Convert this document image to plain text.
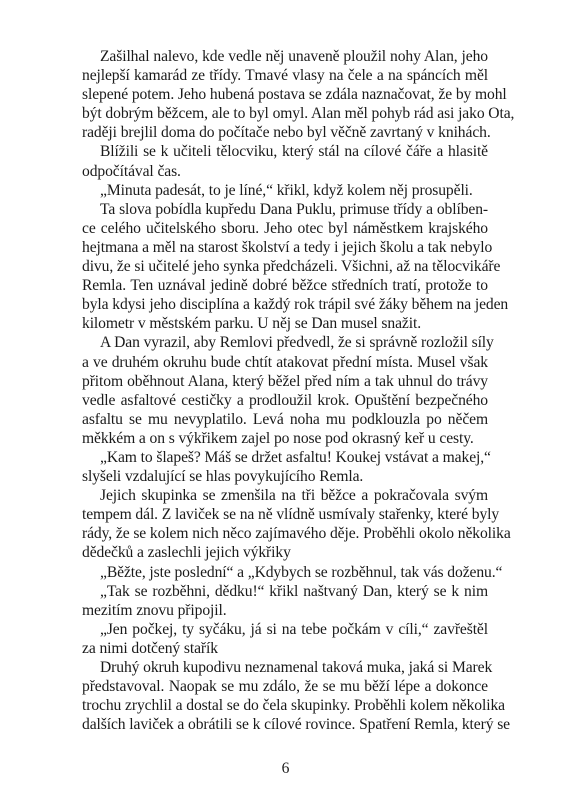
Zašilhal nalevo, kde vedle něj unaveně ploužil nohy Alan, jeho
nejlepší kamarád ze třídy. Tmavé vlasy na čele a na spáncích měl
slepené potem. Jeho hubená postava se zdála naznačovat, že by mohl
být dobrým běžcem, ale to byl omyl. Alan měl pohyb rád asi jako Ota,
raději brejlil doma do počítače nebo byl věčně zavrtaný v knihách.
Blížili se k učiteli tělocviku, který stál na cílové čáře a hlasitě
odpočítával čas.
„Minuta padesát, to je líné,“ křikl, když kolem něj prosupěli.
Ta slova pobídla kupředu Dana Puklu, primuse třídy a oblíben-
ce celého učitelského sboru. Jeho otec byl náměstkem krajského
hejtmana a měl na starost školství a tedy i jejich školu a tak nebylo
divu, že si učitelé jeho synka předcházeli. Všichni, až na tělocvikáře
Remla. Ten uznával jedině dobré běžce středních tratí, protože to
byla kdysi jeho disciplína a každý rok trápil své žáky během na jeden
kilometr v městském parku. U něj se Dan musel snažit.
A Dan vyrazil, aby Remlovi předvedl, že si správně rozložil síly
a ve druhém okruhu bude chtít atakovat přední místa. Musel však
přitom oběhnout Alana, který běžel před ním a tak uhnul do trávy
vedle asfaltové cestičky a prodloužil krok. Opuštění bezpečného
asfaltu se mu nevyplatilo. Levá noha mu podklouzla po něčem
měkkém a on s výkřikem zajel po nose pod okrasný keř u cesty.
„Kam to šlapeš? Máš se držet asfaltu! Koukej vstávat a makej,“
slyšeli vzdalující se hlas povykujícího Remla.
Jejich skupinka se zmenšila na tři běžce a pokračovala svým
tempem dál. Z laviček se na ně vlídně usmívaly stařenky, které byly
rády, že se kolem nich něco zajímavého děje. Proběhli okolo několika
dědečků a zaslechli jejich výkřiky
„Běžte, jste poslední“ a „Kdybych se rozběhnul, tak vás doženu.“
„Tak se rozběhni, dědku!“ křikl naštvaný Dan, který se k nim
mezitím znovu připojil.
„Jen počkej, ty syčáku, já si na tebe počkám v cíli,“ zavřeštěl
za nimi dotčený stařík
Druhý okruh kupodivu neznamenal taková muka, jaká si Marek
představoval. Naopak se mu zdálo, že se mu běží lépe a dokonce
trochu zrychlil a dostal se do čela skupinky. Proběhli kolem několika
dalších laviček a obrátili se k cílové rovince. Spatření Remla, který se
6
